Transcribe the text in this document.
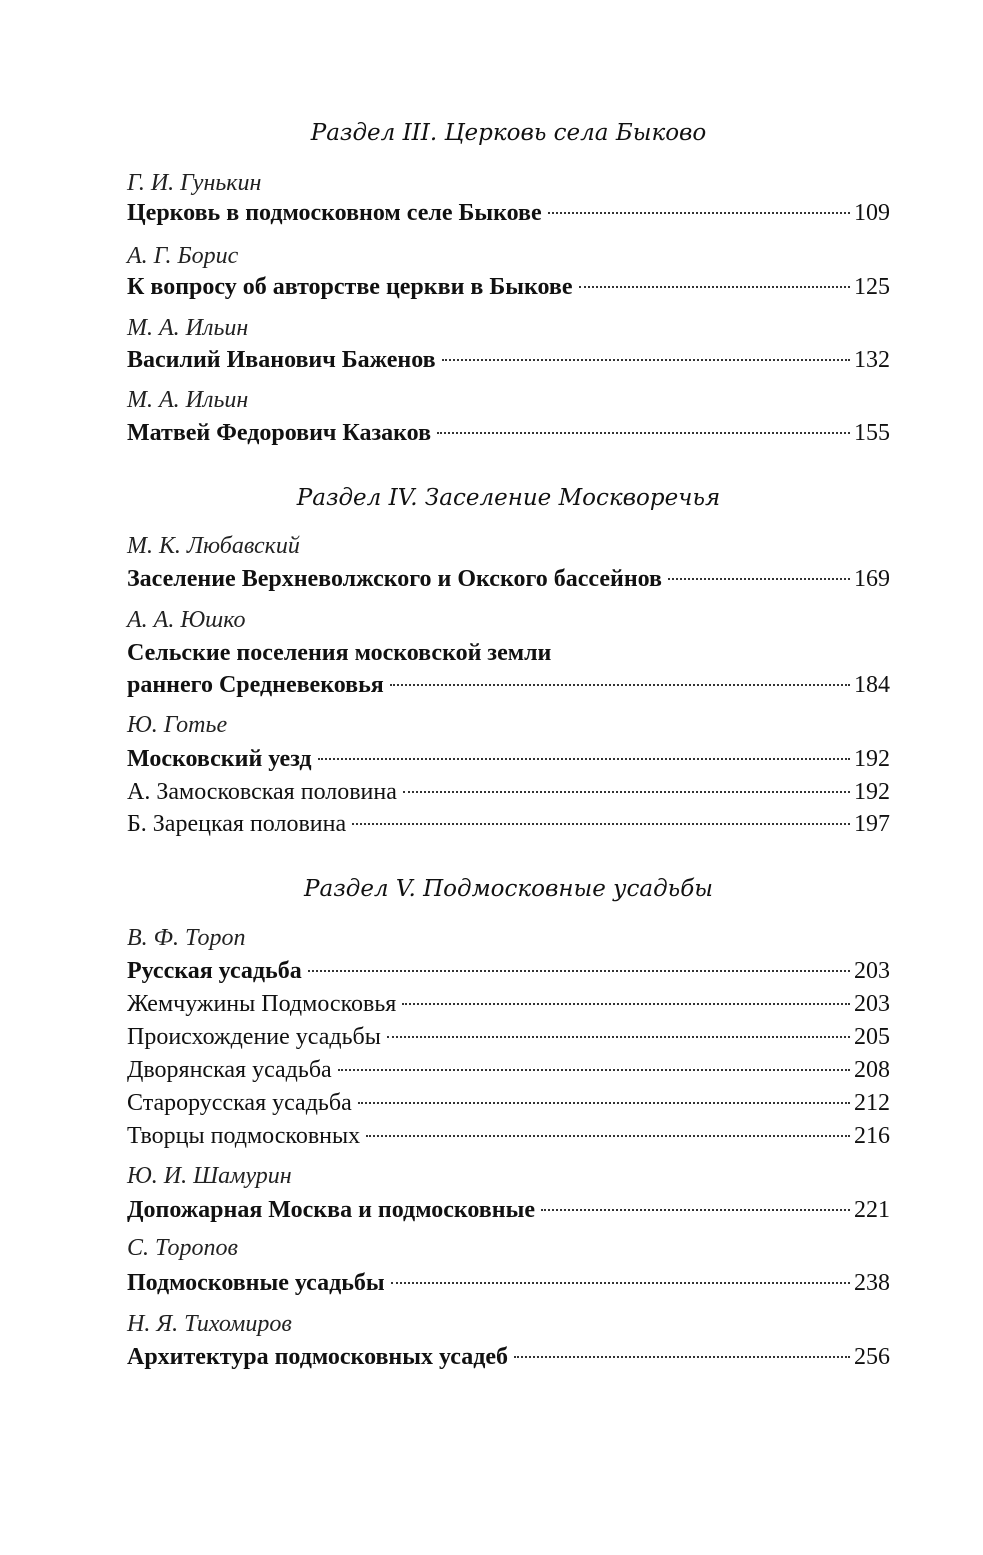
Раздел III. Церковь села Быково
Г. И. Гунькин
Церковь в подмосковном селе Быкове	109
А. Г. Борис
К вопросу об авторстве церкви в Быкове	125
М. А. Ильин
Василий Иванович Баженов	132
М. А. Ильин
Матвей Федорович Казаков	155
Раздел IV. Заселение Москворечья
М. К. Любавский
Заселение Верхневолжского и Окского бассейнов	169
А. А. Юшко
Сельские поселения московской земли
раннего Средневековья	184
Ю. Готье
Московский уезд	192
А. Замосковская половина	192
Б. Зарецкая половина	197
Раздел V. Подмосковные усадьбы
В. Ф. Тороп
Русская усадьба	203
Жемчужины Подмосковья	203
Происхождение усадьбы	205
Дворянская усадьба	208
Старорусская усадьба	212
Творцы подмосковных	216
Ю. И. Шамурин
Допожарная Москва и подмосковные	221
С. Торопов
Подмосковные усадьбы	238
Н. Я. Тихомиров
Архитектура подмосковных усадеб	256
